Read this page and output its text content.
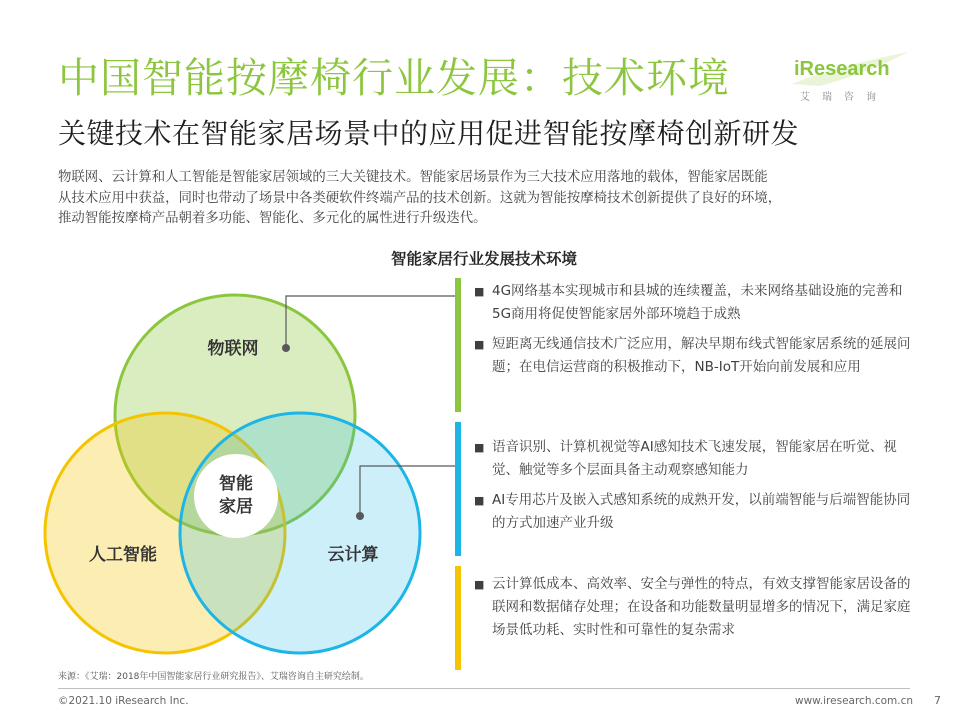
中国智能按摩椅行业发展：技术环境
关键技术在智能家居场景中的应用促进智能按摩椅创新研发
iResearch
艾瑞咨询

物联网、云计算和人工智能是智能家居领域的三大关键技术。智能家居场景作为三大技术应用落地的载体，智能家居既能

从技术应用中获益，同时也带动了场景中各类硬软件终端产品的技术创新。这就为智能按摩椅技术创新提供了良好的环境，

推动智能按摩椅产品朝着多功能、智能化、多元化的属性进行升级迭代。

智能家居行业发展技术环境
智能
家居
物联网
人工智能	云计算
■ 4G网络基本实现城市和县城的连续覆盖，未来网络基础设施的完善和5G商用将促使智能家居外部环境趋于成熟
■ 短距离无线通信技术广泛应用，解决早期布线式智能家居系统的延展问题；在电信运营商的积极推动下，NB-IoT开始向前发展和应用
■ 语音识别、计算机视觉等AI感知技术飞速发展，智能家居在听觉、视觉、触觉等多个层面具备主动观察感知能力
■ AI专用芯片及嵌入式感知系统的成熟开发，以前端智能与后端智能协同的方式加速产业升级
■ 云计算低成本、高效率、安全与弹性的特点，有效支撑智能家居设备的联网和数据储存处理；在设备和功能数量明显增多的情况下，满足家庭场景低功耗、实时性和可靠性的复杂需求
来源：《艾瑞：2018年中国智能家居行业研究报告》、艾瑞咨询自主研究绘制。
©2021.10 iResearch Inc.	www.iresearch.com.cn 7
